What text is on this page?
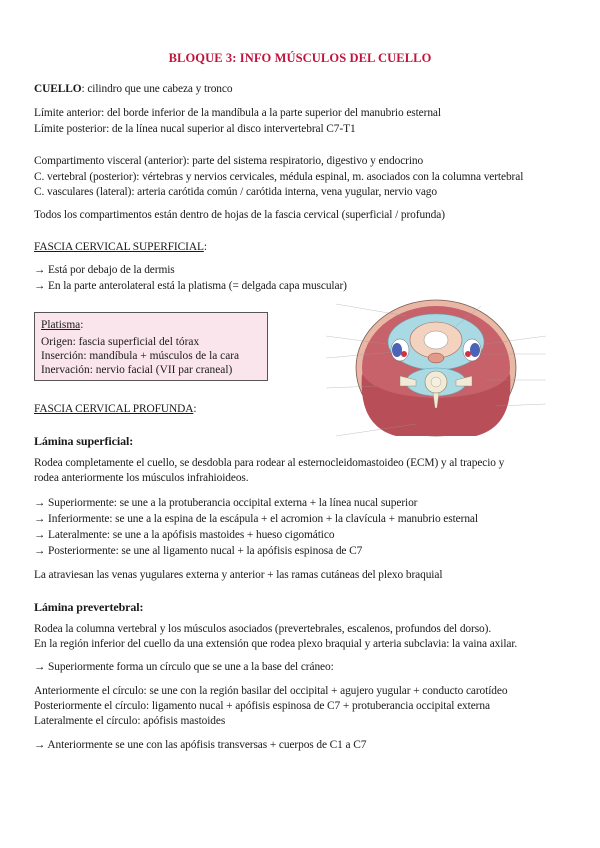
BLOQUE 3: INFO MÚSCULOS DEL CUELLO
CUELLO: cilindro que une cabeza y tronco
Límite anterior: del borde inferior de la mandíbula a la parte superior del manubrio esternal
Límite posterior: de la línea nucal superior al disco intervertebral C7-T1
Compartimento visceral (anterior): parte del sistema respiratorio, digestivo y endocrino
C. vertebral (posterior): vértebras y nervios cervicales, médula espinal, m. asociados con la columna vertebral
C. vasculares (lateral): arteria carótida común / carótida interna, vena yugular, nervio vago
Todos los compartimentos están dentro de hojas de la fascia cervical (superficial / profunda)
FASCIA CERVICAL SUPERFICIAL:
→ Está por debajo de la dermis
→ En la parte anterolateral está la platisma (= delgada capa muscular)
Platisma:
Origen: fascia superficial del tórax
Inserción: mandíbula + músculos de la cara
Inervación: nervio facial (VII par craneal)
FASCIA CERVICAL PROFUNDA:
Lámina superficial:
Rodea completamente el cuello, se desdobla para rodear al esternocleidomastoideo (ECM) y al trapecio y
rodea anteriormente los músculos infrahioideos.
→ Superiormente: se une a la protuberancia occipital externa + la línea nucal superior
→ Inferiormente: se une a la espina de la escápula + el acromion + la clavícula + manubrio esternal
→ Lateralmente: se une a la apófisis mastoides + hueso cigomático
→ Posteriormente: se une al ligamento nucal + la apófisis espinosa de C7
La atraviesan las venas yugulares externa y anterior + las ramas cutáneas del plexo braquial
Lámina prevertebral:
Rodea la columna vertebral y los músculos asociados (prevertebrales, escalenos, profundos del dorso).
En la región inferior del cuello da una extensión que rodea plexo braquial y arteria subclavia: la vaina axilar.
→ Superiormente forma un círculo que se une a la base del cráneo:
Anteriormente el círculo: se une con la región basilar del occipital + agujero yugular + conducto carotídeo
Posteriormente el círculo: ligamento nucal + apófisis espinosa de C7 + protuberancia occipital externa
Lateralmente el círculo: apófisis mastoides
→ Anteriormente se une con las apófisis transversas + cuerpos de C1 a C7
